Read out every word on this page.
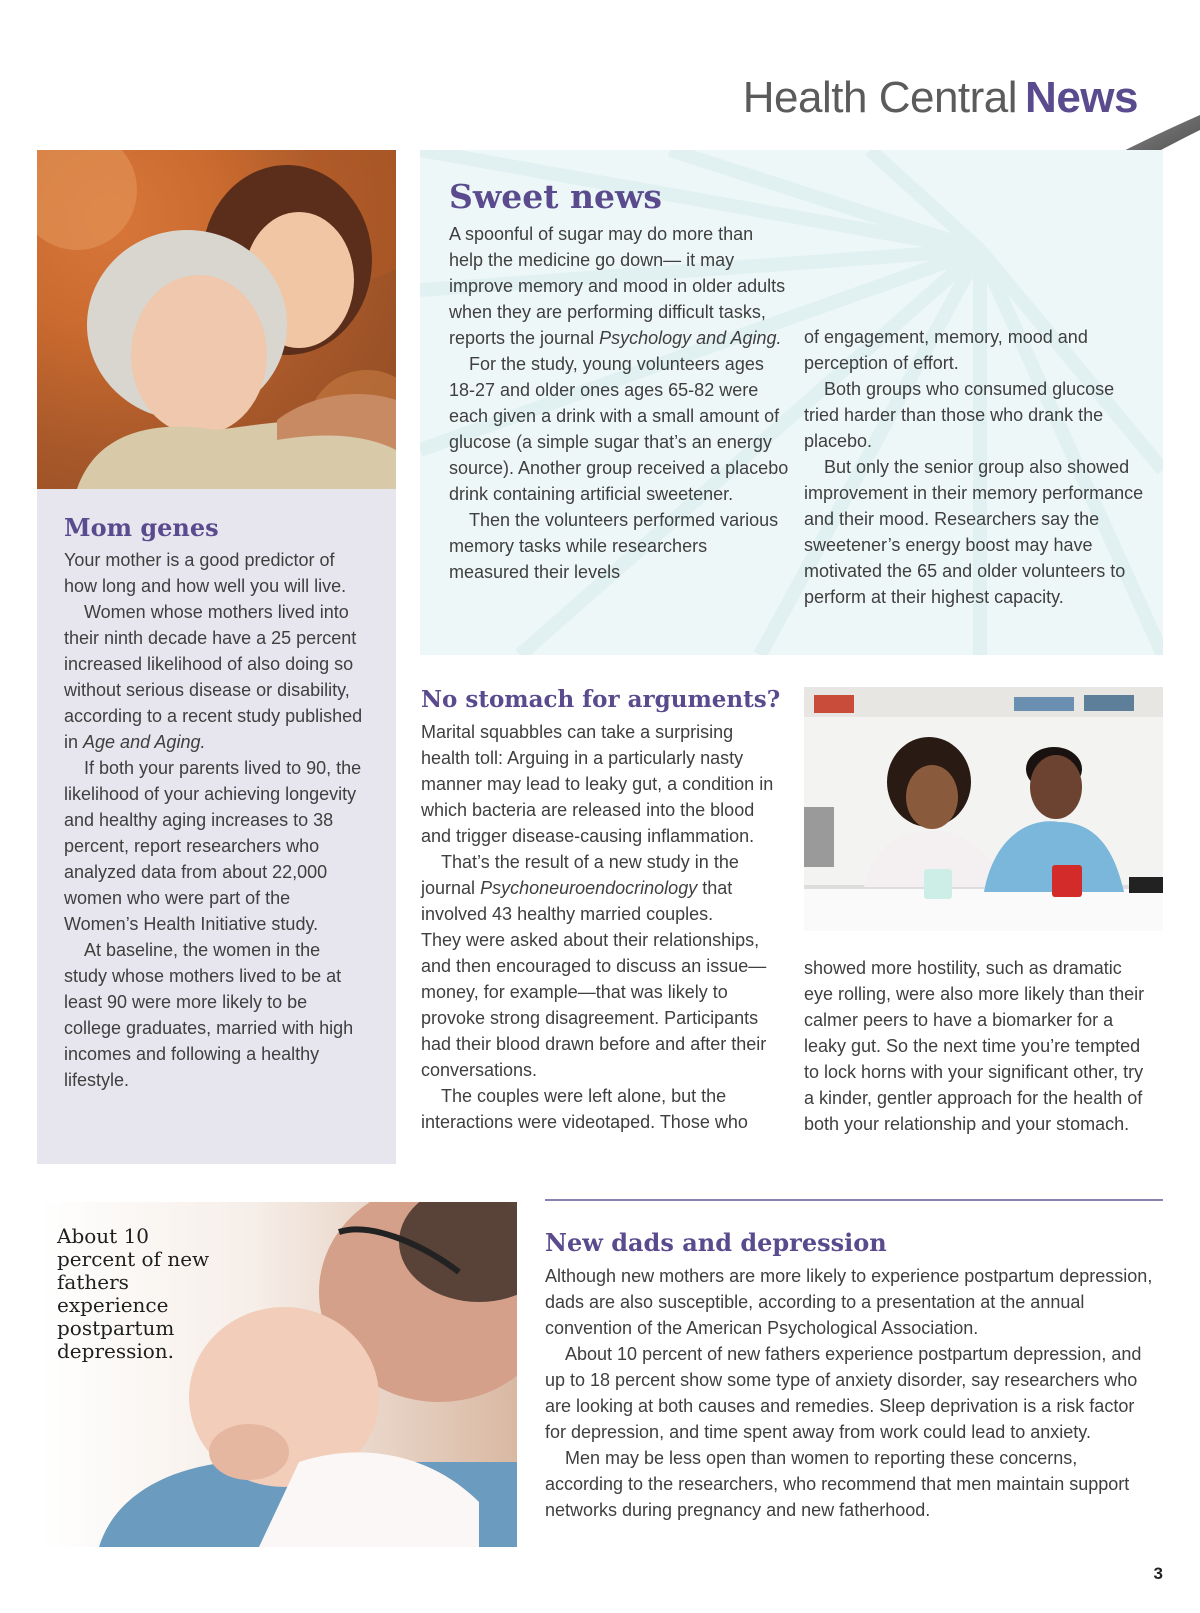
Health Central News
Mom genes

Your mother is a good predictor of how long and how well you will live.

Women whose mothers lived into their ninth decade have a 25 percent increased likelihood of also doing so without serious disease or disability, according to a recent study published in Age and Aging.

If both your parents lived to 90, the likelihood of your achieving longevity and healthy aging increases to 38 percent, report researchers who analyzed data from about 22,000 women who were part of the Women’s Health Initiative study.

At baseline, the women in the study whose mothers lived to be at least 90 were more likely to be college graduates, married with high incomes and following a healthy lifestyle.

Sweet news

A spoonful of sugar may do more than help the medicine go down— it may improve memory and mood in older adults when they are performing difficult tasks, reports the journal Psychology and Aging.

For the study, young volunteers ages 18-27 and older ones ages 65-82 were each given a drink with a small amount of glucose (a simple sugar that’s an energy source). Another group received a placebo drink containing artificial sweetener.

Then the volunteers performed various memory tasks while researchers measured their levels

of engagement, memory, mood and perception of effort.

Both groups who consumed glucose tried harder than those who drank the placebo.

But only the senior group also showed improvement in their memory performance and their mood. Researchers say the sweetener’s energy boost may have motivated the 65 and older volunteers to perform at their highest capacity.

No stomach for arguments?

Marital squabbles can take a surprising health toll: Arguing in a particularly nasty manner may lead to leaky gut, a condition in which bacteria are released into the blood and trigger disease-causing inflammation.

That’s the result of a new study in the journal Psychoneuroendocrinology that involved 43 healthy married couples.

They were asked about their relationships, and then encouraged to discuss an issue—money, for example—that was likely to provoke strong disagreement. Participants had their blood drawn before and after their conversations.

The couples were left alone, but the interactions were videotaped. Those who

showed more hostility, such as dramatic eye rolling, were also more likely than their calmer peers to have a biomarker for a leaky gut. So the next time you’re tempted to lock horns with your significant other, try a kinder, gentler approach for the health of both your relationship and your stomach.

About 10 percent of new fathers experience postpartum depression.
New dads and depression

Although new mothers are more likely to experience postpartum depression, dads are also susceptible, according to a presentation at the annual convention of the American Psychological Association.

About 10 percent of new fathers experience postpartum depression, and up to 18 percent show some type of anxiety disorder, say researchers who are looking at both causes and remedies. Sleep deprivation is a risk factor for depression, and time spent away from work could lead to anxiety.

Men may be less open than women to reporting these concerns, according to the researchers, who recommend that men maintain support networks during pregnancy and new fatherhood.

3
